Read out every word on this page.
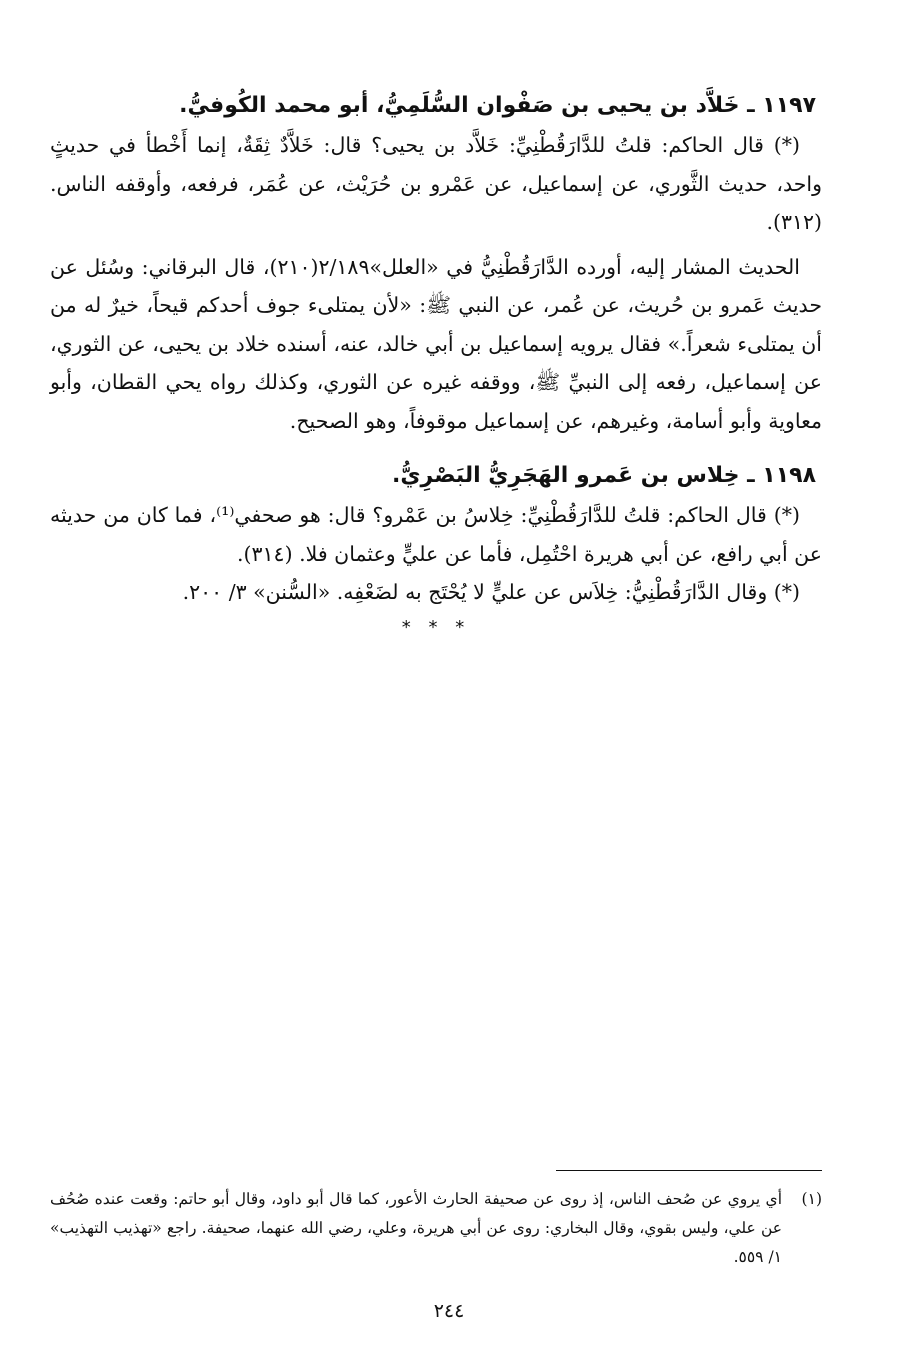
١١٩٧ ـ خَلاَّد بن يحيى بن صَفْوان السُّلَمِيُّ، أبو محمد الكُوفيُّ.

(*) قال الحاكم: قلتُ للدَّارَقُطْنِيِّ: خَلاَّد بن يحيى؟ قال: خَلاَّدٌ ثِقَةٌ، إنما أَخْطأ في حديثٍ واحد، حديث الثَّوري، عن إسماعيل، عن عَمْرو بن حُرَيْث، عن عُمَر، فرفعه، وأوقفه الناس. (٣١٢).

الحديث المشار إليه، أورده الدَّارَقُطْنِيُّ في «العلل»٢/١٨٩(٢١٠)، قال البرقاني: وسُئل عن حديث عَمرو بن حُريث، عن عُمر، عن النبي ﷺ: «لأن يمتلىء جوف أحدكم قيحاً، خيرٌ له من أن يمتلىء شعراً.» فقال يرويه إسماعيل بن أبي خالد، عنه، أسنده خلاد بن يحيى، عن الثوري، عن إسماعيل، رفعه إلى النبيِّ ﷺ، ووقفه غيره عن الثوري، وكذلك رواه يحي القطان، وأبو معاوية وأبو أسامة، وغيرهم، عن إسماعيل موقوفاً، وهو الصحيح.

١١٩٨ ـ خِلاس بن عَمرو الهَجَرِيُّ البَصْرِيُّ.

(*) قال الحاكم: قلتُ للدَّارَقُطْنِيِّ: خِلاسُ بن عَمْرو؟ قال: هو صحفي⁽¹⁾، فما كان من حديثه عن أبي رافع، عن أبي هريرة احْتُمِل، فأما عن عليٍّ وعثمان فلا. (٣١٤).

(*) وقال الدَّارَقُطْنِيُّ: خِلاَس عن عليٍّ لا يُحْتَج به لضَعْفِه. «السُّنن» ٣/ ٢٠٠.

* * *
(١)
أي يروي عن صُحف الناس، إذ روى عن صحيفة الحارث الأعور، كما قال أبو داود، وقال أبو حاتم: وقعت عنده صُحُف عن علي، وليس بقوي، وقال البخاري: روى عن أبي هريرة، وعلي، رضي الله عنهما، صحيفة. راجع «تهذيب التهذيب» ١/ ٥٥٩.
٢٤٤
